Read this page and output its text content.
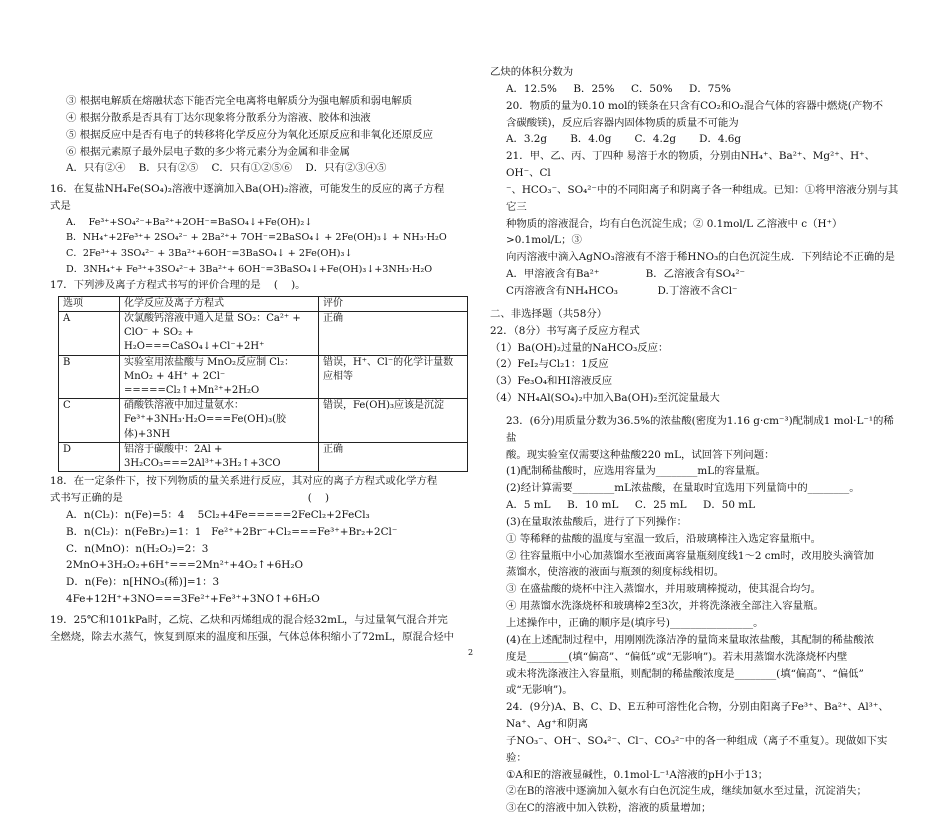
③ 根据电解质在熔融状态下能否完全电离将电解质分为强电解质和弱电解质
④ 根据分散系是否具有丁达尔现象将分散系分为溶液、胶体和浊液
⑤ 根据反应中是否有电子的转移将化学反应分为氧化还原反应和非氧化还原反应
⑥ 根据元素原子最外层电子数的多少将元素分为金属和非金属
A．只有②④    B．只有②⑤    C．只有①②⑤⑥    D．只有②③④⑤
16．在复盐NH₄Fe(SO₄)₂溶液中逐滴加入Ba(OH)₂溶液，可能发生的反应的离子方程
式是
A．  Fe³⁺+SO₄²⁻+Ba²⁺+2OH⁻=BaSO₄↓+Fe(OH)₂↓
B．NH₄⁺+2Fe³⁺+ 2SO₄²⁻ + 2Ba²⁺+ 7OH⁻=2BaSO₄↓ + 2Fe(OH)₃↓ + NH₃·H₂O
C．2Fe³⁺+ 3SO₄²⁻ + 3Ba²⁺+6OH⁻=3BaSO₄↓ + 2Fe(OH)₃↓
D．3NH₄⁺+ Fe³⁺+3SO₄²⁻+ 3Ba²⁺+ 6OH⁻=3BaSO₄↓+Fe(OH)₃↓+3NH₃·H₂O
17．下列涉及离子方程式书写的评价合理的是    (    )。
选项	化学反应及离子方程式	评价
A	次氯酸钙溶液中通入足量 SO₂：Ca²⁺ + ClO⁻ + SO₂ + H₂O===CaSO₄↓+Cl⁻+2H⁺	正确
B	实验室用浓盐酸与 MnO₂反应制 Cl₂： MnO₂ + 4H⁺ + 2Cl⁻ =====Cl₂↑+Mn²⁺+2H₂O	错误，H⁺、Cl⁻的化学计量数应相等
C	硝酸铁溶液中加过量氨水：Fe³⁺+3NH₃·H₂O===Fe(OH)₃(胶体)+3NH	错误，Fe(OH)₃应该是沉淀
D	铝溶于碳酸中：2Al + 3H₂CO₃===2Al³⁺+3H₂↑+3CO	正确
18．在一定条件下，按下列物质的量关系进行反应，其对应的离子方程式或化学方程
式书写正确的是                                                        (    )
A．n(Cl₂)：n(Fe)=5：4    5Cl₂+4Fe=====2FeCl₂+2FeCl₃
B．n(Cl₂)：n(FeBr₂)=1：1   Fe²⁺+2Br⁻+Cl₂===Fe³⁺+Br₂+2Cl⁻
C．n(MnO)：n(H₂O₂)=2：3
2MnO+3H₂O₂+6H⁺===2Mn²⁺+4O₂↑+6H₂O
D．n(Fe)：n[HNO₃(稀)]=1：3
4Fe+12H⁺+3NO===3Fe²⁺+Fe³⁺+3NO↑+6H₂O
19．25℃和101kPa时，乙烷、乙炔和丙烯组成的混合烃32mL，与过量氧气混合并完
全燃烧，除去水蒸气，恢复到原来的温度和压强，气体总体积缩小了72mL，原混合烃中
乙炔的体积分数为
A．12.5%     B．25%     C．50%     D．75%
20．物质的量为0.10 mol的镁条在只含有CO₂和O₂混合气体的容器中燃烧(产物不
含碳酸镁)，反应后容器内固体物质的质量不可能为
A．3.2g       B．4.0g       C．4.2g       D．4.6g
21．甲、乙、丙、丁四种 易溶于水的物质，分别由NH₄⁺、Ba²⁺、Mg²⁺、H⁺、OH⁻、Cl
⁻、HCO₃⁻、SO₄²⁻中的不同阳离子和阴离子各一种组成。已知：①将甲溶液分别与其它三
种物质的溶液混合，均有白色沉淀生成；② 0.1mol/L 乙溶液中 c（H⁺）>0.1mol/L；③
向丙溶液中滴入AgNO₃溶液有不溶于稀HNO₃的白色沉淀生成．下列结论不正确的是
A．甲溶液含有Ba²⁺              B．乙溶液含有SO₄²⁻
C丙溶液含有NH₄HCO₃            D.丁溶液不含Cl⁻
二、非选择题（共58分）
22．（8分）书写离子反应方程式
（1）Ba(OH)₂过量的NaHCO₃反应：
（2）FeI₂与Cl₂1：1反应
（3）Fe₃O₄和HI溶液反应
（4）NH₄Al(SO₄)₂中加入Ba(OH)₂至沉淀量最大
23．(6分)用质量分数为36.5%的浓盐酸(密度为1.16 g·cm⁻³)配制成1 mol·L⁻¹的稀盐
酸。现实验室仅需要这种盐酸220 mL，试回答下列问题：
(1)配制稀盐酸时，应选用容量为________mL的容量瓶。
(2)经计算需要________mL浓盐酸，在量取时宜选用下列量筒中的________。
A．5 mL     B．10 mL     C．25 mL     D．50 mL
(3)在量取浓盐酸后，进行了下列操作：
① 等稀释的盐酸的温度与室温一致后，沿玻璃棒注入选定容量瓶中。
② 往容量瓶中小心加蒸馏水至液面离容量瓶刻度线1～2 cm时，改用胶头滴管加
蒸馏水，使溶液的液面与瓶颈的刻度标线相切。
③ 在盛盐酸的烧杯中注入蒸馏水，并用玻璃棒搅动，使其混合均匀。
④ 用蒸馏水洗涤烧杯和玻璃棒2至3次，并将洗涤液全部注入容量瓶。
上述操作中，正确的顺序是(填序号)________________。
(4)在上述配制过程中，用刚刚洗涤洁净的量筒来量取浓盐酸，其配制的稀盐酸浓
度是________(填“偏高”、“偏低”或“无影响”)。若未用蒸馏水洗涤烧杯内壁
或未将洗涤液注入容量瓶，则配制的稀盐酸浓度是________(填“偏高”、“偏低”
或“无影响”)。
24．(9分)A、B、C、D、E五种可溶性化合物，分别由阳离子Fe³⁺、Ba²⁺、Al³⁺、Na⁺、Ag⁺和阴离
子NO₃⁻、OH⁻、SO₄²⁻、Cl⁻、CO₃²⁻中的各一种组成（离子不重复）。现做如下实验：
①A和E的溶液显碱性，0.1mol·L⁻¹A溶液的pH小于13；
②在B的溶液中逐滴加入氨水有白色沉淀生成，继续加氨水至过量，沉淀消失；
③在C的溶液中加入铁粉，溶液的质量增加；
2
